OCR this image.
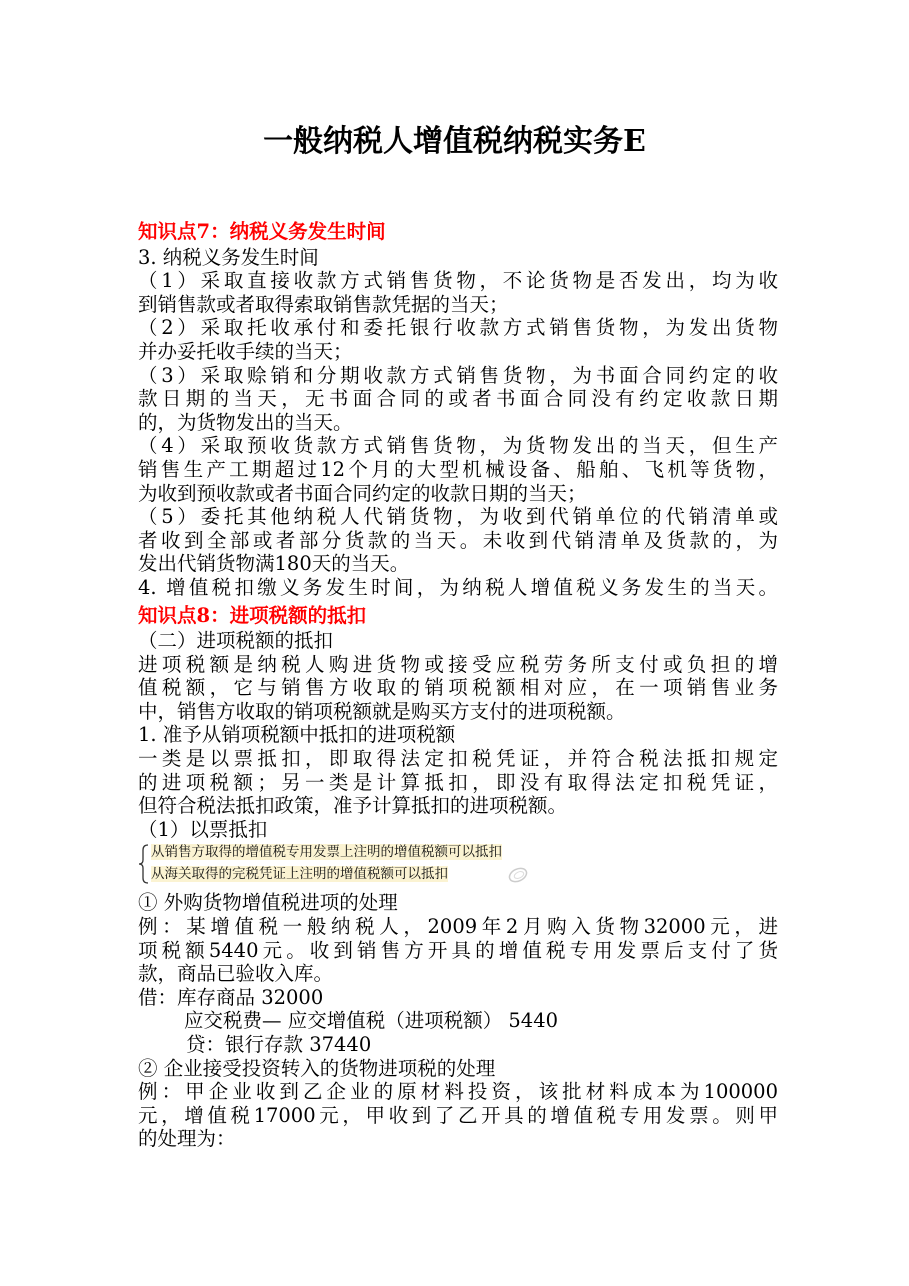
一般纳税人增值税纳税实务E
知识点7：纳税义务发生时间
3. 纳税义务发生时间
（1）采取直接收款方式销售货物，不论货物是否发出，均为收
到销售款或者取得索取销售款凭据的当天；
（2）采取托收承付和委托银行收款方式销售货物，为发出货物
并办妥托收手续的当天；
（3）采取赊销和分期收款方式销售货物，为书面合同约定的收
款日期的当天，无书面合同的或者书面合同没有约定收款日期
的，为货物发出的当天。
（4）采取预收货款方式销售货物，为货物发出的当天，但生产
销售生产工期超过12个月的大型机械设备、船舶、飞机等货物，
为收到预收款或者书面合同约定的收款日期的当天；
（5）委托其他纳税人代销货物，为收到代销单位的代销清单或
者收到全部或者部分货款的当天。未收到代销清单及货款的，为
发出代销货物满180天的当天。
4. 增值税扣缴义务发生时间，为纳税人增值税义务发生的当天。
知识点8：进项税额的抵扣
（二）进项税额的抵扣
进项税额是纳税人购进货物或接受应税劳务所支付或负担的增
值税额，它与销售方收取的销项税额相对应，在一项销售业务
中，销售方收取的销项税额就是购买方支付的进项税额。
1. 准予从销项税额中抵扣的进项税额
一类是以票抵扣，即取得法定扣税凭证，并符合税法抵扣规定
的进项税额；另一类是计算抵扣，即没有取得法定扣税凭证，
但符合税法抵扣政策，准予计算抵扣的进项税额。
（1）以票抵扣
从销售方取得的增值税专用发票上注明的增值税额可以抵扣
从海关取得的完税凭证上注明的增值税额可以抵扣
① 外购货物增值税进项的处理
例：某增值税一般纳税人，2009年2月购入货物32000元，进
项税额5440元。收到销售方开具的增值税专用发票后支付了货
款，商品已验收入库。
借：库存商品 32000
应交税费— 应交增值税（进项税额） 5440
贷：银行存款 37440
② 企业接受投资转入的货物进项税的处理
例：甲企业收到乙企业的原材料投资，该批材料成本为100000
元，增值税17000元，甲收到了乙开具的增值税专用发票。则甲
的处理为：
